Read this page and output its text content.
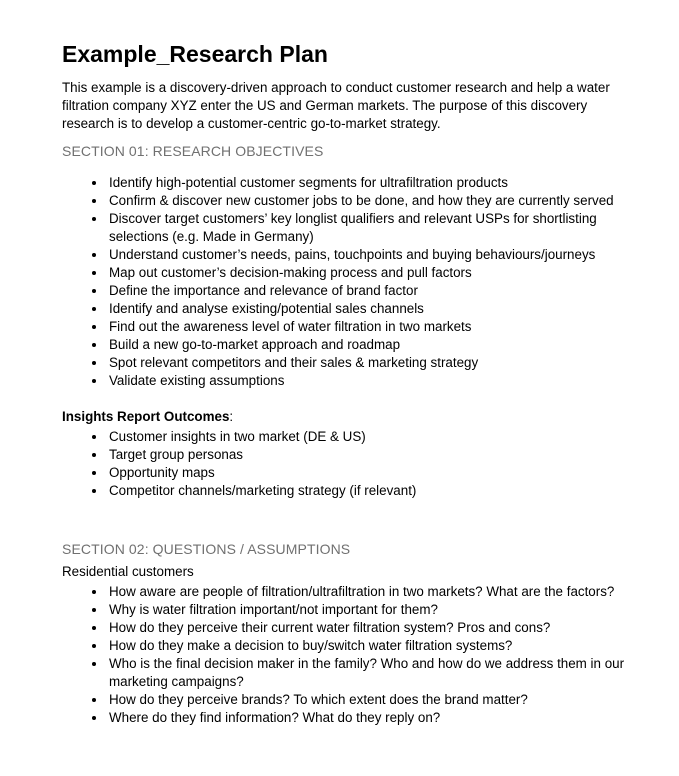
Example_Research Plan

This example is a discovery-driven approach to conduct customer research and help a water filtration company XYZ enter the US and German markets. The purpose of this discovery research is to develop a customer-centric go-to-market strategy.

SECTION 01: RESEARCH OBJECTIVES
• Identify high-potential customer segments for ultrafiltration products
• Confirm & discover new customer jobs to be done, and how they are currently served
• Discover target customers’ key longlist qualifiers and relevant USPs for shortlisting selections (e.g. Made in Germany)
• Understand customer’s needs, pains, touchpoints and buying behaviours/journeys
• Map out customer’s decision-making process and pull factors
• Define the importance and relevance of brand factor
• Identify and analyse existing/potential sales channels
• Find out the awareness level of water filtration in two markets
• Build a new go-to-market approach and roadmap
• Spot relevant competitors and their sales & marketing strategy
• Validate existing assumptions

Insights Report Outcomes:

• Customer insights in two market (DE & US)
• Target group personas
• Opportunity maps
• Competitor channels/marketing strategy (if relevant)
SECTION 02: QUESTIONS / ASSUMPTIONS

Residential customers

• How aware are people of filtration/ultrafiltration in two markets? What are the factors?
• Why is water filtration important/not important for them?
• How do they perceive their current water filtration system? Pros and cons?
• How do they make a decision to buy/switch water filtration systems?
• Who is the final decision maker in the family? Who and how do we address them in our marketing campaigns?
• How do they perceive brands? To which extent does the brand matter?
• Where do they find information? What do they reply on?
